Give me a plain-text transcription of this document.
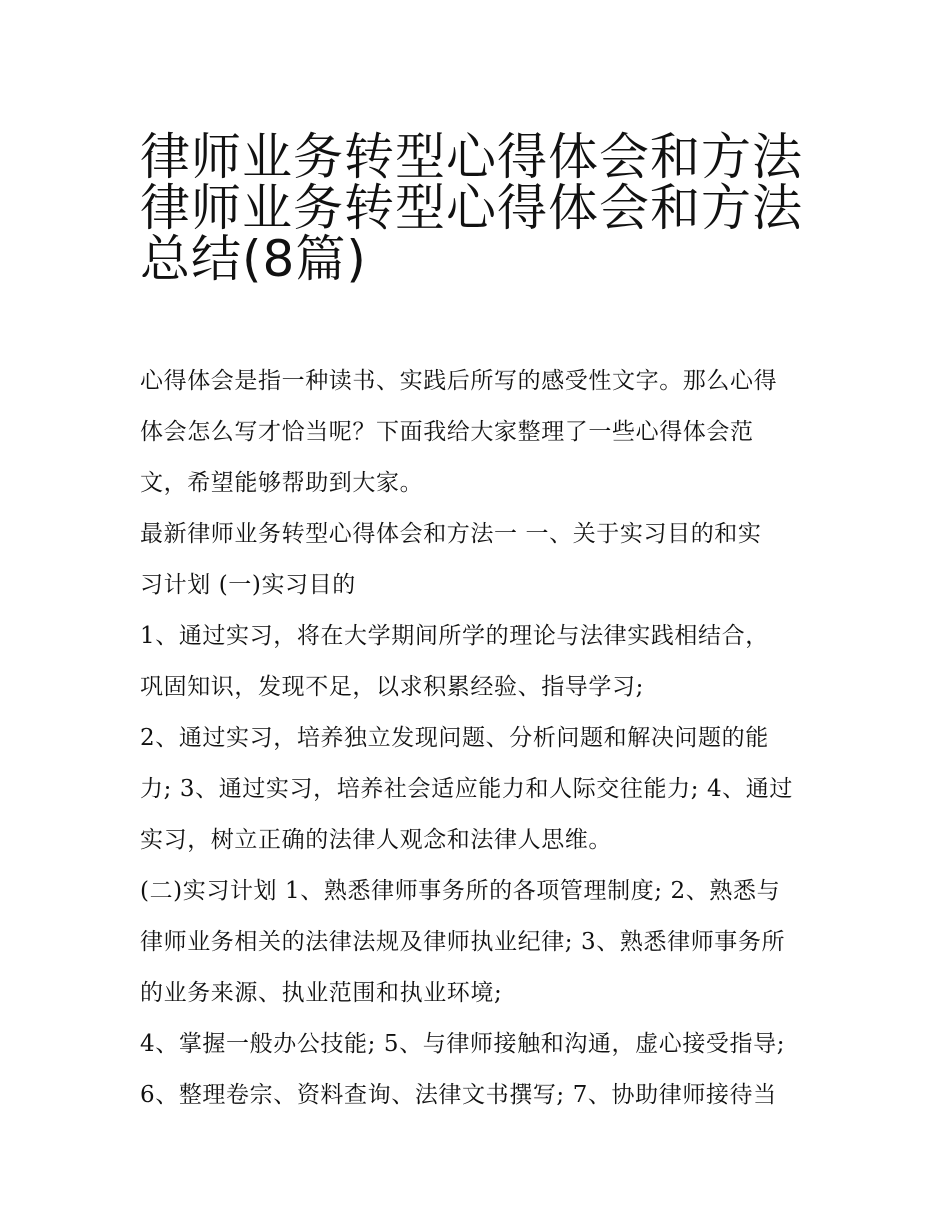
律师业务转型心得体会和方法
律师业务转型心得体会和方法
总结(8篇)

心得体会是指一种读书、实践后所写的感受性文字。那么心得
体会怎么写才恰当呢？下面我给大家整理了一些心得体会范
文，希望能够帮助到大家。

最新律师业务转型心得体会和方法一 一、关于实习目的和实
习计划 (一)实习目的

1、通过实习，将在大学期间所学的理论与法律实践相结合，
巩固知识，发现不足，以求积累经验、指导学习;

2、通过实习，培养独立发现问题、分析问题和解决问题的能
力; 3、通过实习，培养社会适应能力和人际交往能力; 4、通过
实习，树立正确的法律人观念和法律人思维。

(二)实习计划 1、熟悉律师事务所的各项管理制度; 2、熟悉与
律师业务相关的法律法规及律师执业纪律; 3、熟悉律师事务所
的业务来源、执业范围和执业环境;

4、掌握一般办公技能; 5、与律师接触和沟通，虚心接受指导;
6、整理卷宗、资料查询、法律文书撰写; 7、协助律师接待当
